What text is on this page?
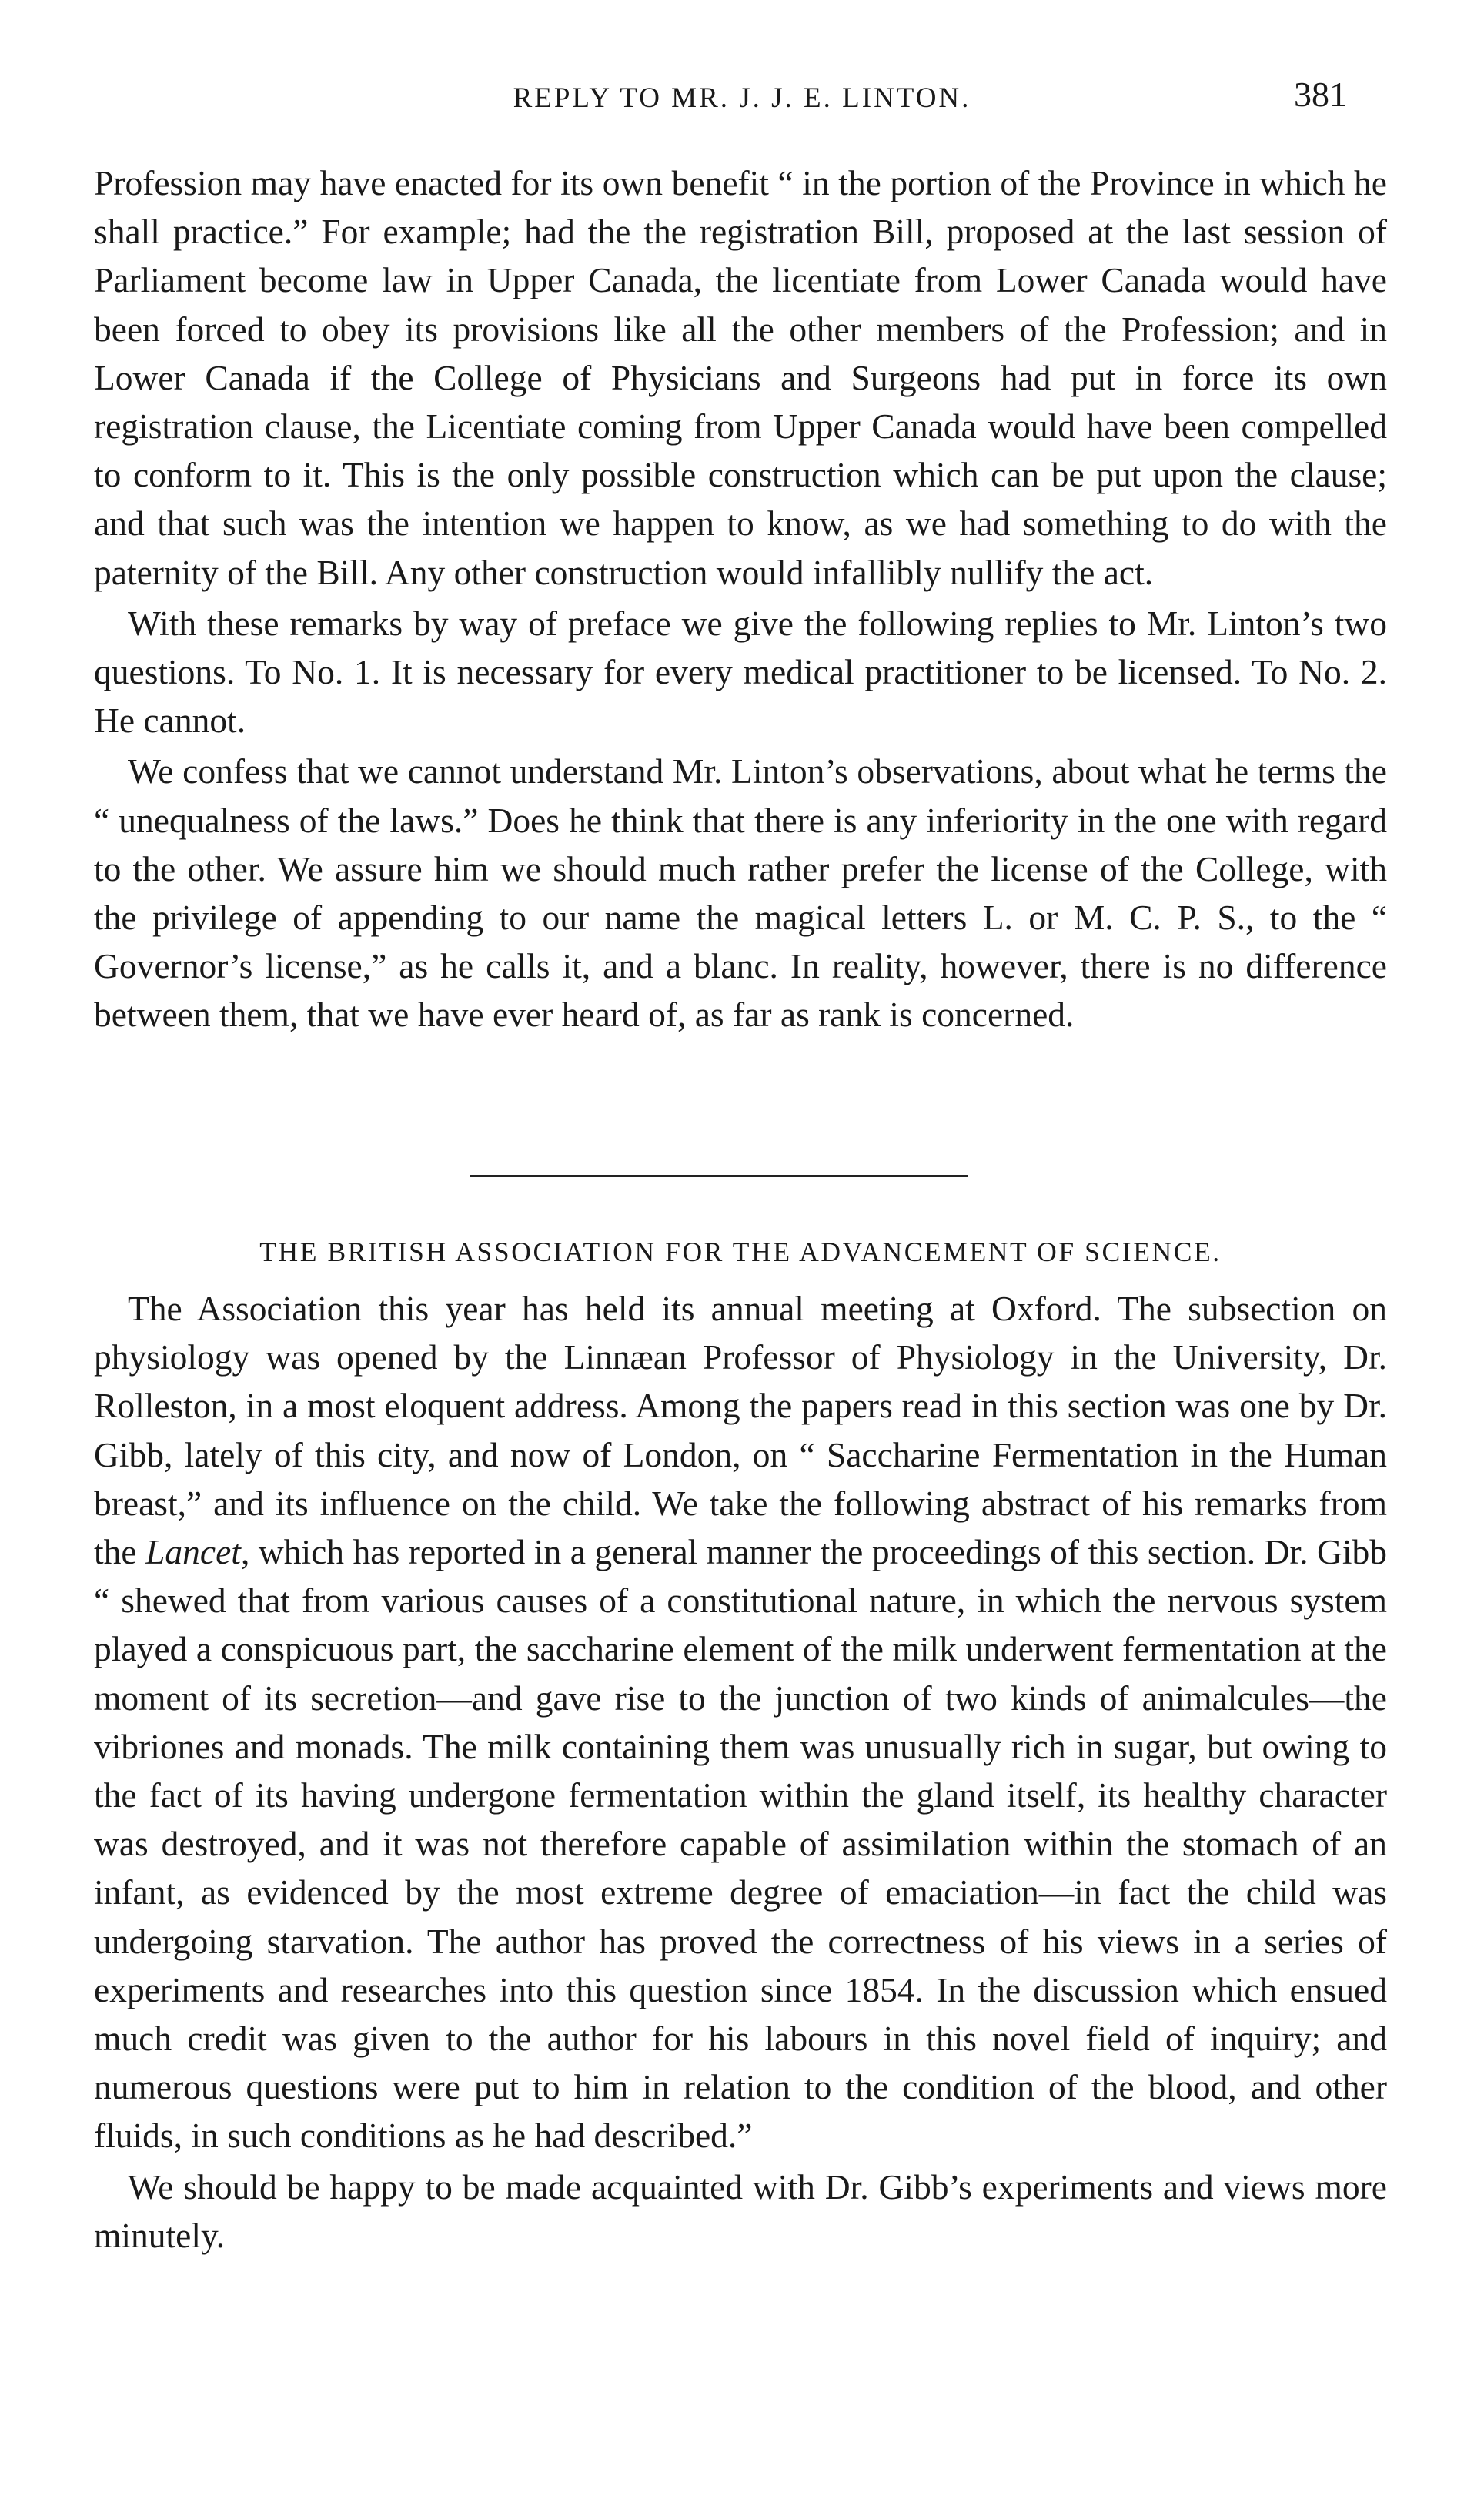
REPLY TO MR. J. J. E. LINTON.	381

Profession may have enacted for its own benefit “ in the portion of the Province in which he shall practice.” For example; had the the registration Bill, proposed at the last session of Parliament become law in Upper Canada, the licentiate from Lower Canada would have been forced to obey its provisions like all the other members of the Profession; and in Lower Canada if the College of Physicians and Surgeons had put in force its own registration clause, the Licentiate coming from Upper Canada would have been compelled to conform to it. This is the only possible construction which can be put upon the clause; and that such was the intention we happen to know, as we had something to do with the paternity of the Bill. Any other construction would infallibly nullify the act.

With these remarks by way of preface we give the following replies to Mr. Linton’s two questions. To No. 1. It is necessary for every medical practitioner to be licensed. To No. 2. He cannot.

We confess that we cannot understand Mr. Linton’s observations, about what he terms the “ unequalness of the laws.” Does he think that there is any inferiority in the one with regard to the other. We assure him we should much rather prefer the license of the College, with the privilege of appending to our name the magical letters L. or M. C. P. S., to the “ Governor’s license,” as he calls it, and a blanc. In reality, however, there is no difference between them, that we have ever heard of, as far as rank is concerned.

THE BRITISH ASSOCIATION FOR THE ADVANCEMENT OF SCIENCE.

The Association this year has held its annual meeting at Oxford. The subsection on physiology was opened by the Linnæan Professor of Physiology in the University, Dr. Rolleston, in a most eloquent address. Among the papers read in this section was one by Dr. Gibb, lately of this city, and now of London, on “ Saccharine Fermentation in the Human breast,” and its influence on the child. We take the following abstract of his remarks from the Lancet, which has reported in a general manner the proceedings of this section. Dr. Gibb “ shewed that from various causes of a constitutional nature, in which the nervous system played a conspicuous part, the saccharine element of the milk underwent fermentation at the moment of its secretion—and gave rise to the junction of two kinds of animalcules—the vibriones and monads. The milk containing them was unusually rich in sugar, but owing to the fact of its having undergone fermentation within the gland itself, its healthy character was destroyed, and it was not therefore capable of assimilation within the stomach of an infant, as evidenced by the most extreme degree of emaciation—in fact the child was undergoing starvation. The author has proved the correctness of his views in a series of experiments and researches into this question since 1854. In the discussion which ensued much credit was given to the author for his labours in this novel field of inquiry; and numerous questions were put to him in relation to the condition of the blood, and other fluids, in such conditions as he had described.”

We should be happy to be made acquainted with Dr. Gibb’s experiments and views more minutely.
